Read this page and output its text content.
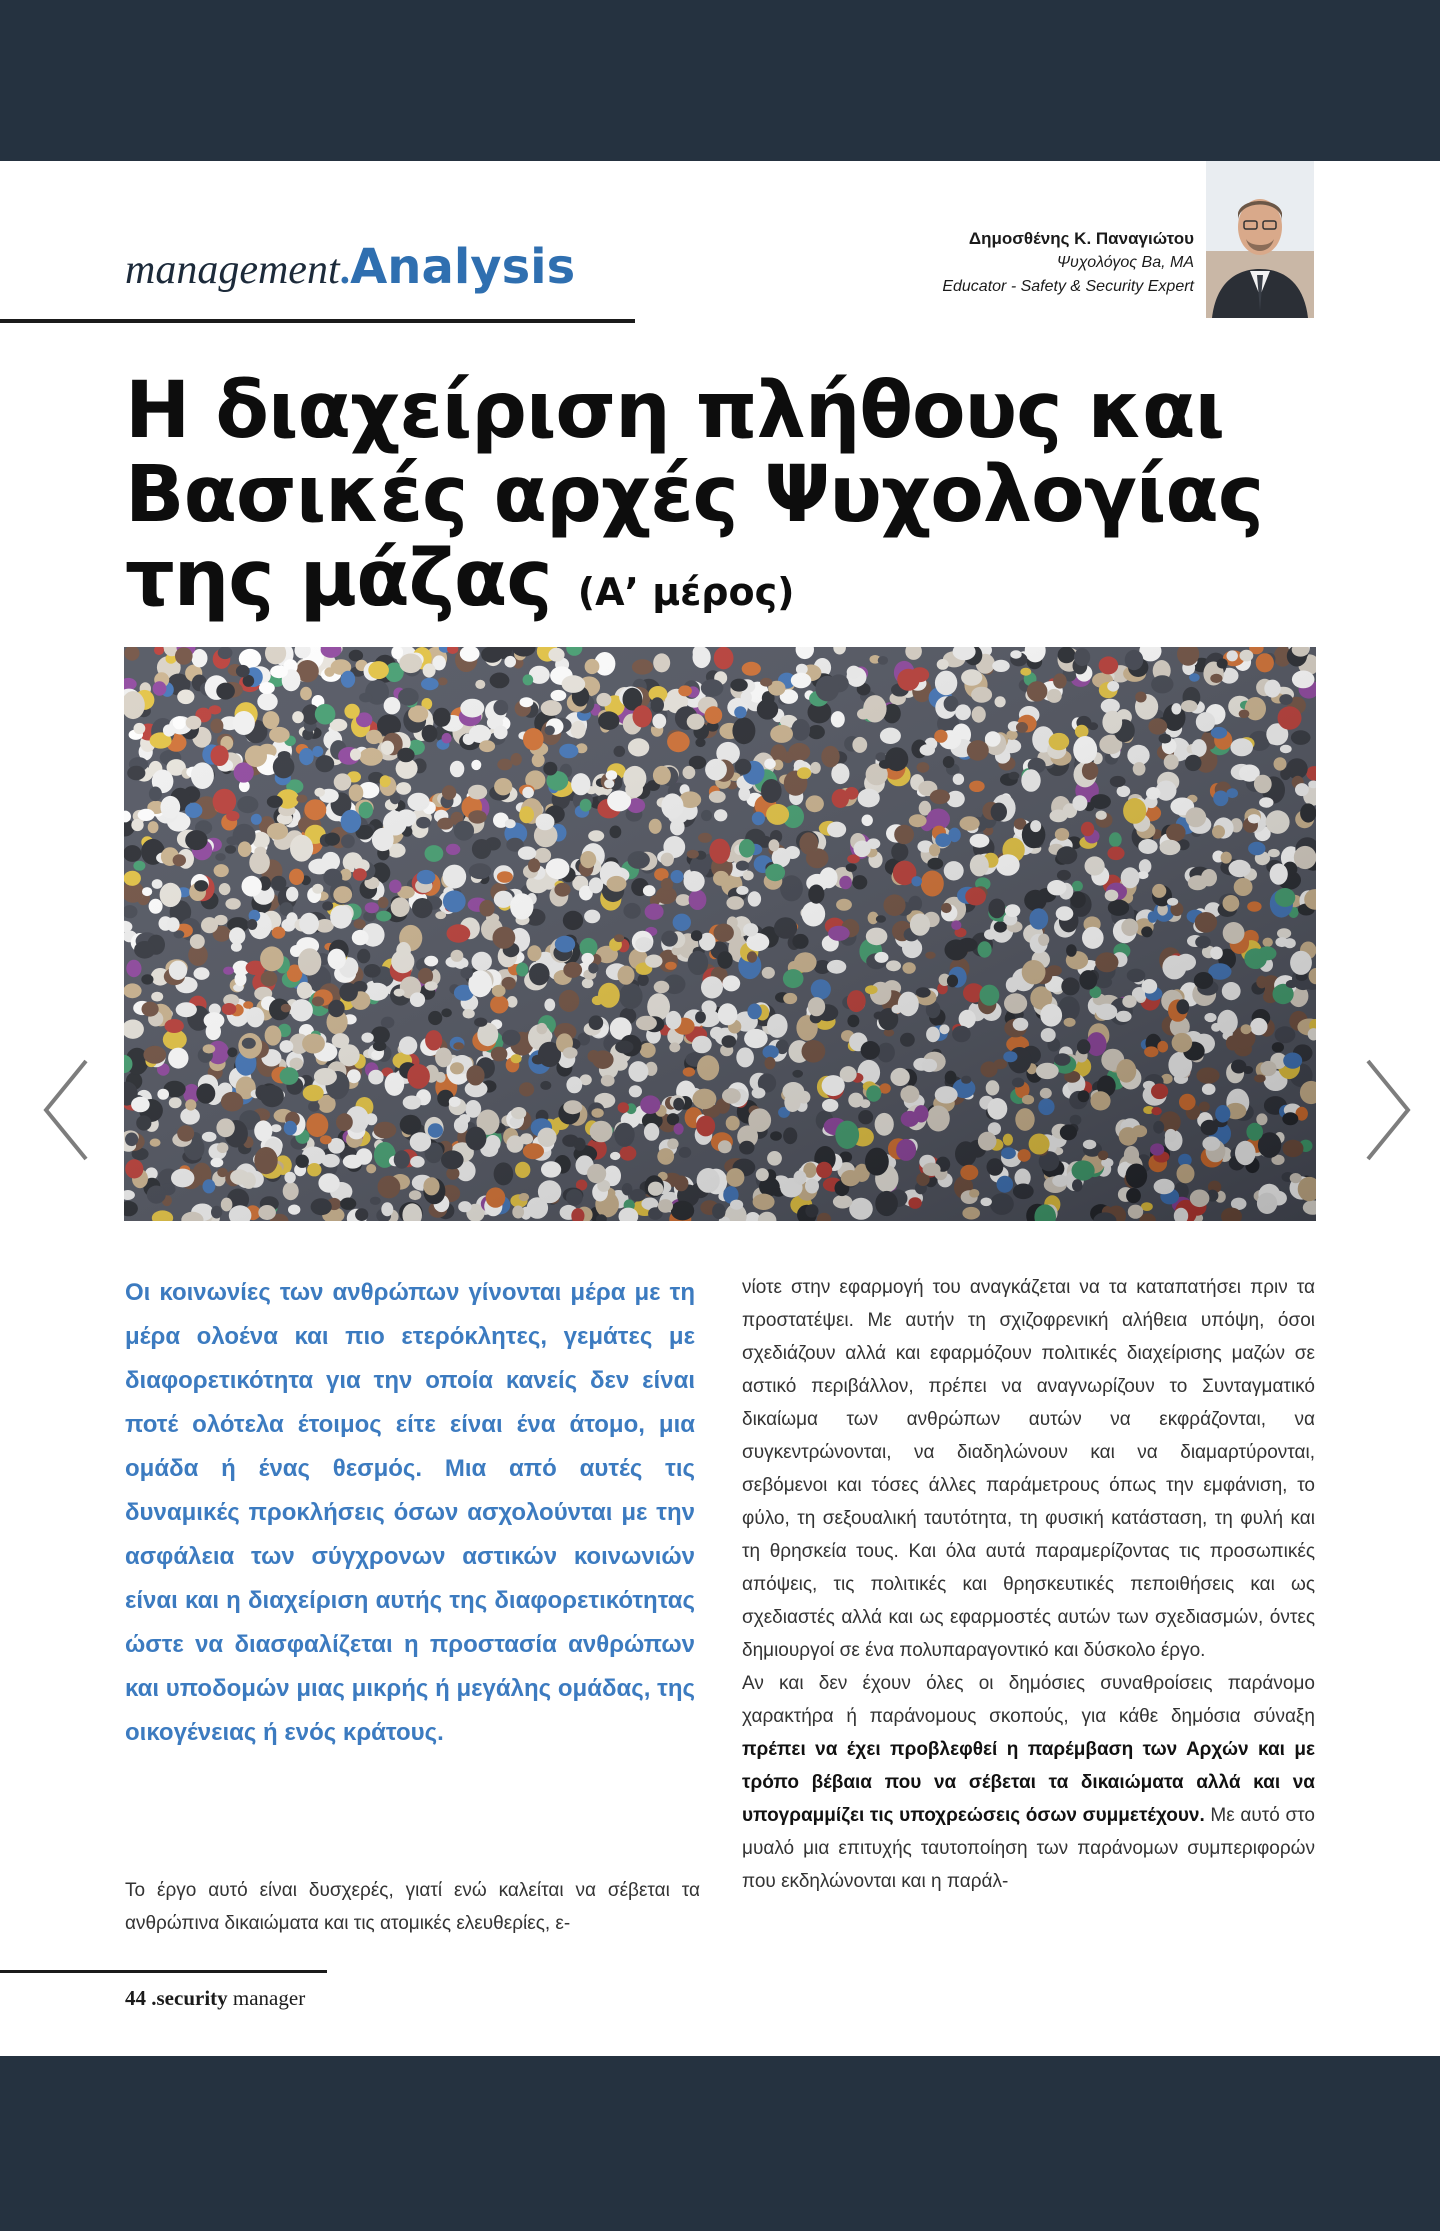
management.Analysis
Δημοσθένης Κ. Παναγιώτου
Ψυχολόγος Βa, MA
Educator - Safety & Security Expert
Η διαχείριση πλήθους και
Βασικές αρχές Ψυχολογίας
της μάζας (Α’ μέρος)
Οι κοινωνίες των ανθρώπων γίνονται μέρα με τη μέρα ολοένα και πιο ετερόκλητες, γεμάτες με διαφορετικότητα για την οποία κανείς δεν είναι ποτέ ολότελα έτοιμος είτε είναι ένα άτομο, μια ομάδα ή ένας θεσμός. Μια από αυτές τις δυναμικές προκλήσεις όσων ασχολούνται με την ασφάλεια των σύγχρονων αστικών κοινωνιών είναι και η διαχείριση αυτής της διαφορετικότητας ώστε να διασφαλίζεται η προστασία ανθρώπων και υποδομών μιας μικρής ή μεγάλης ομάδας, της οικογένειας ή ενός κράτους.
Το έργο αυτό είναι δυσχερές, γιατί ενώ καλείται να σέβεται τα ανθρώπινα δικαιώματα και τις ατομικές ελευθερίες, ε-

νίοτε στην εφαρμογή του αναγκάζεται να τα καταπατήσει πριν τα προστατέψει. Με αυτήν τη σχιζοφρενική αλήθεια υπόψη, όσοι σχεδιάζουν αλλά και εφαρμόζουν πολιτικές διαχείρισης μαζών σε αστικό περιβάλλον, πρέπει να αναγνωρίζουν το Συνταγματικό δικαίωμα των ανθρώπων αυτών να εκφράζονται, να συγκεντρώνονται, να διαδηλώνουν και να διαμαρτύρονται, σεβόμενοι και τόσες άλλες παράμετρους όπως την εμφάνιση, το φύλο, τη σεξουαλική ταυτότητα, τη φυσική κατάσταση, τη φυλή και τη θρησκεία τους. Και όλα αυτά παραμερίζοντας τις προσωπικές απόψεις, τις πολιτικές και θρησκευτικές πεποιθήσεις και ως σχεδιαστές αλλά και ως εφαρμοστές αυτών των σχεδιασμών, όντες δημιουργοί σε ένα πολυπαραγοντικό και δύσκολο έργο.

Αν και δεν έχουν όλες οι δημόσιες συναθροίσεις παράνομο χαρακτήρα ή παράνομους σκοπούς, για κάθε δημόσια σύναξη πρέπει να έχει προβλεφθεί η παρέμβαση των Αρχών και με τρόπο βέβαια που να σέβεται τα δικαιώματα αλλά και να υπογραμμίζει τις υποχρεώσεις όσων συμμετέχουν. Με αυτό στο μυαλό μια επιτυχής ταυτοποίηση των παράνομων συμπεριφορών που εκδηλώνονται και η παράλ-

44 .security manager
